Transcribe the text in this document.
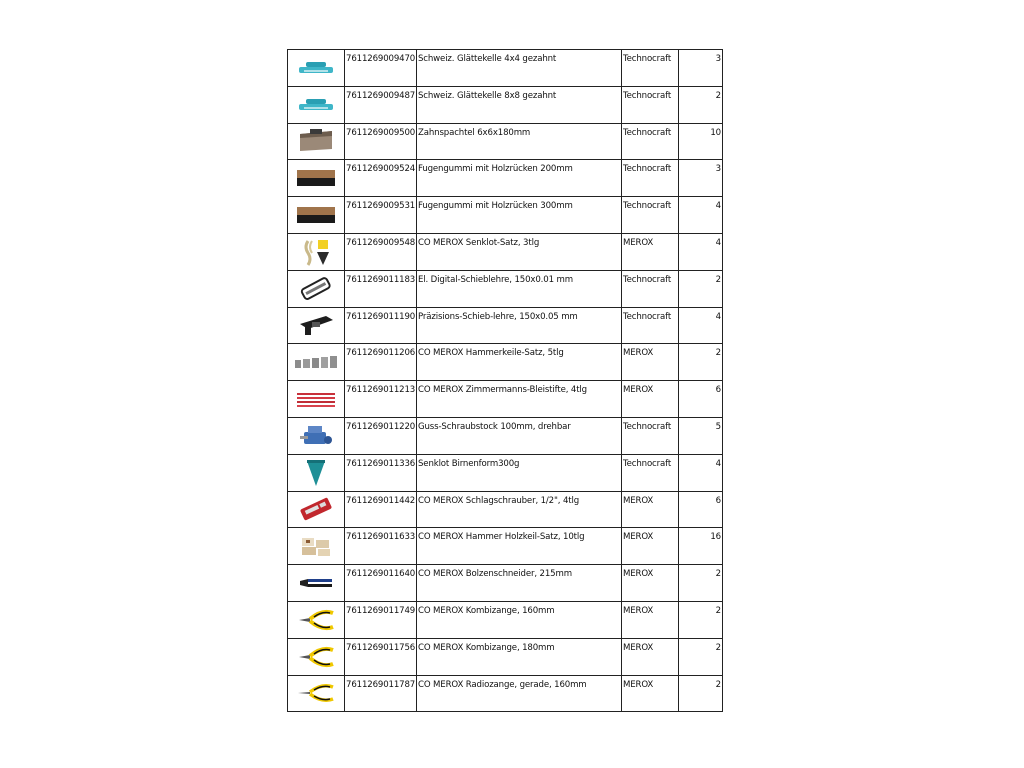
7611269009470	Schweiz. Glättekelle 4x4 gezahnt	Technocraft	3

7611269009487	Schweiz. Glättekelle 8x8 gezahnt	Technocraft	2

7611269009500	Zahnspachtel 6x6x180mm	Technocraft	10

7611269009524	Fugengummi mit Holzrücken 200mm	Technocraft	3

7611269009531	Fugengummi mit Holzrücken 300mm	Technocraft	4

7611269009548	CO MEROX Senklot-Satz, 3tlg	MEROX	4

7611269011183	El. Digital-Schieblehre, 150x0.01 mm	Technocraft	2

7611269011190	Präzisions-Schieb-lehre, 150x0.05 mm	Technocraft	4

7611269011206	CO MEROX Hammerkeile-Satz, 5tlg	MEROX	2

7611269011213	CO MEROX Zimmermanns-Bleistifte, 4tlg	MEROX	6

7611269011220	Guss-Schraubstock 100mm, drehbar	Technocraft	5

7611269011336	Senklot Birnenform300g	Technocraft	4

7611269011442	CO MEROX Schlagschrauber, 1/2", 4tlg	MEROX	6

7611269011633	CO MEROX Hammer Holzkeil-Satz, 10tlg	MEROX	16

7611269011640	CO MEROX Bolzenschneider, 215mm	MEROX	2

7611269011749	CO MEROX Kombizange, 160mm	MEROX	2

7611269011756	CO MEROX Kombizange, 180mm	MEROX	2

7611269011787	CO MEROX Radiozange, gerade, 160mm	MEROX	2
